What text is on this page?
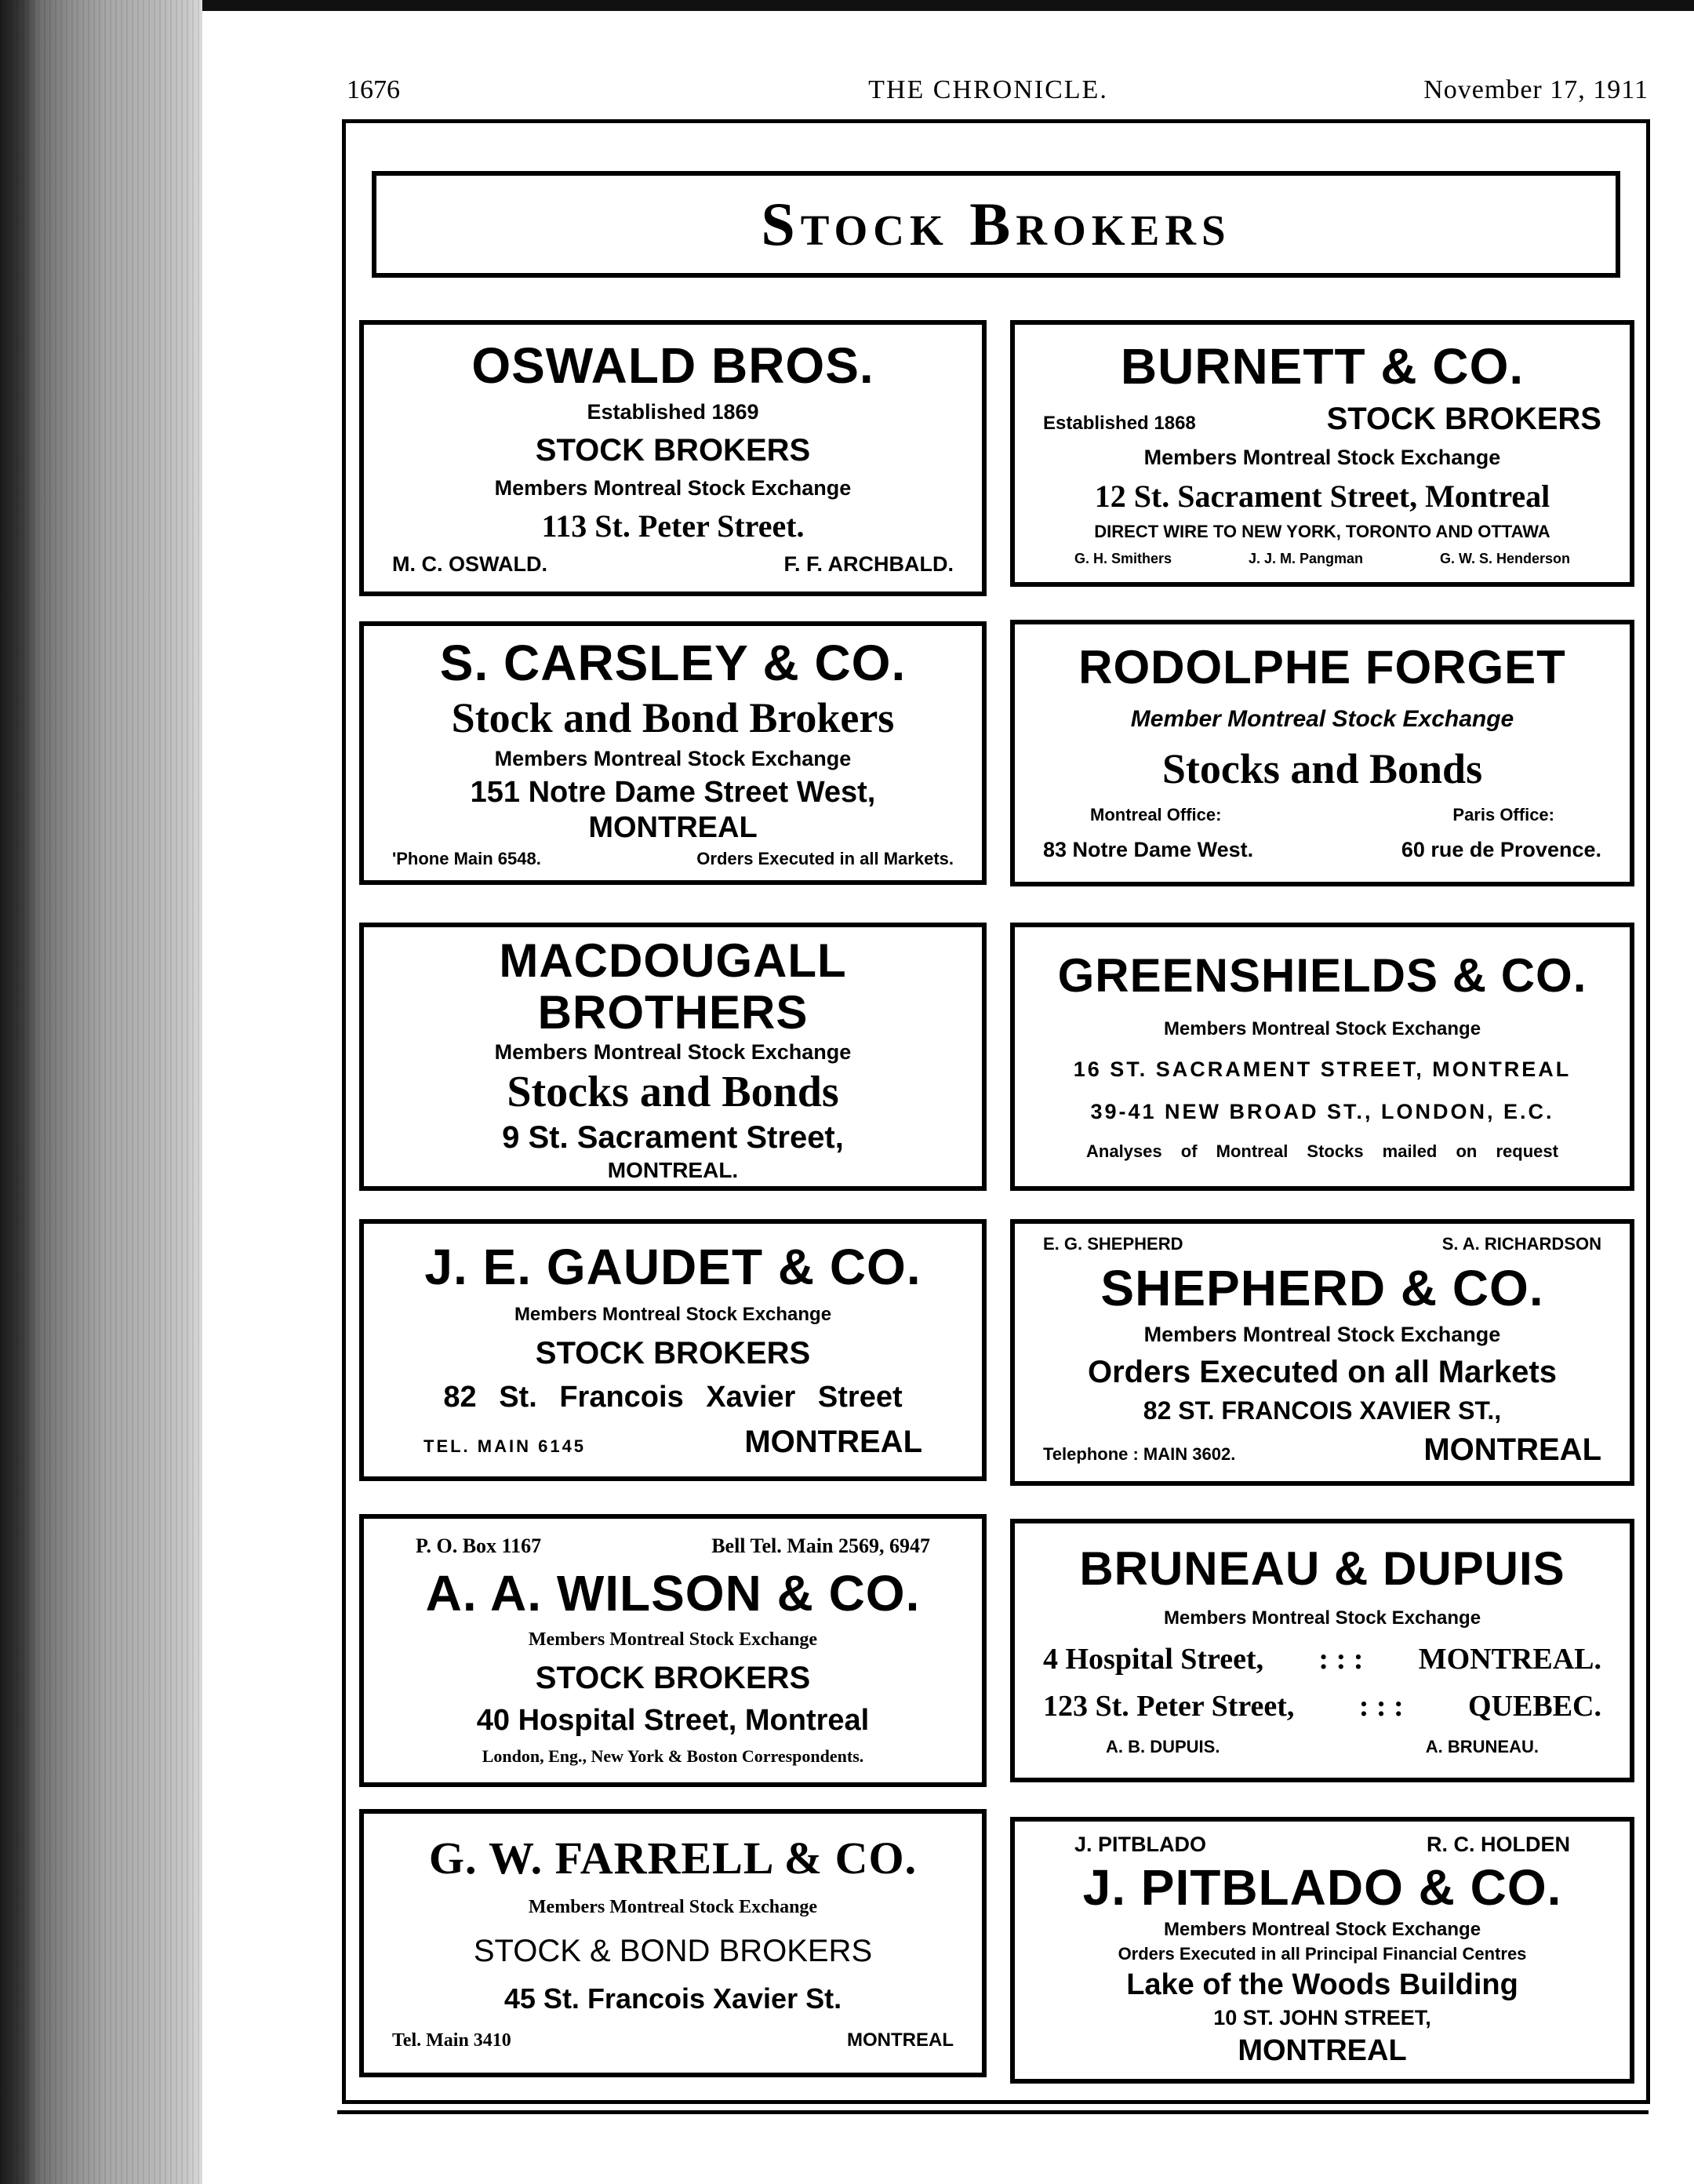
1676	THE CHRONICLE.	November 17, 1911
Stock Brokers
OSWALD BROS.
Established 1869
STOCK BROKERS
Members Montreal Stock Exchange
113 St. Peter Street.
M. C. OSWALD.	F. F. ARCHBALD.
BURNETT & CO.
Established 1868	STOCK BROKERS
Members Montreal Stock Exchange
12 St. Sacrament Street, Montreal
DIRECT WIRE TO NEW YORK, TORONTO AND OTTAWA
G. H. Smithers	J. J. M. Pangman	G. W. S. Henderson
S. CARSLEY & CO.
Stock and Bond Brokers
Members Montreal Stock Exchange
151 Notre Dame Street West, MONTREAL
'Phone Main 6548.	Orders Executed in all Markets.
RODOLPHE FORGET
Member Montreal Stock Exchange
Stocks and Bonds
Montreal Office:	Paris Office:
83 Notre Dame West.	60 rue de Provence.
MACDOUGALL BROTHERS
Members Montreal Stock Exchange
Stocks and Bonds
9 St. Sacrament Street,
MONTREAL.
GREENSHIELDS & CO.
Members Montreal Stock Exchange
16 ST. SACRAMENT STREET, MONTREAL
39-41 NEW BROAD ST., LONDON, E.C.
Analyses of Montreal Stocks mailed on request
J. E. GAUDET & CO.
Members Montreal Stock Exchange
STOCK BROKERS
82 St. Francois Xavier Street
TEL. MAIN 6145	MONTREAL
E. G. SHEPHERD	S. A. RICHARDSON
SHEPHERD & CO.
Members Montreal Stock Exchange
Orders Executed on all Markets
82 ST. FRANCOIS XAVIER ST.,
Telephone : MAIN 3602.	MONTREAL
P. O. Box 1167	Bell Tel. Main 2569, 6947
A. A. WILSON & CO.
Members Montreal Stock Exchange
STOCK BROKERS
40 Hospital Street, Montreal
London, Eng., New York & Boston Correspondents.
BRUNEAU & DUPUIS
Members Montreal Stock Exchange
4 Hospital Street, : : : MONTREAL.
123 St. Peter Street, : : : QUEBEC.
A. B. DUPUIS.	A. BRUNEAU.
G. W. FARRELL & CO.
Members Montreal Stock Exchange
STOCK & BOND BROKERS
45 St. Francois Xavier St.
Tel. Main 3410	MONTREAL
J. PITBLADO	R. C. HOLDEN
J. PITBLADO & CO.
Members Montreal Stock Exchange
Orders Executed in all Principal Financial Centres
Lake of the Woods Building
10 ST. JOHN STREET,
MONTREAL
